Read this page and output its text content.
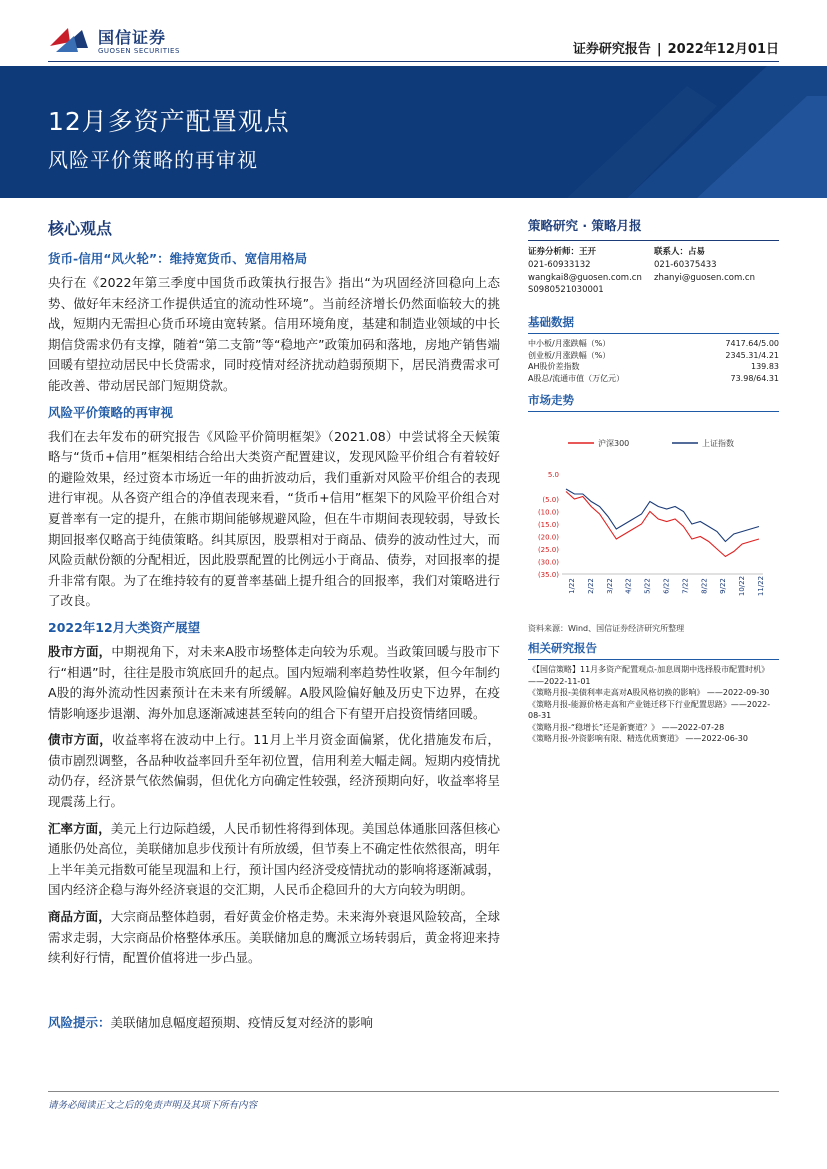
国信证券
GUOSEN SECURITIES	证券研究报告 | 2022年12月01日
12月多资产配置观点
风险平价策略的再审视
核心观点
货币-信用“风火轮”：维持宽货币、宽信用格局

央行在《2022年第三季度中国货币政策执行报告》指出“为巩固经济回稳向上态势、做好年末经济工作提供适宜的流动性环境”。当前经济增长仍然面临较大的挑战，短期内无需担心货币环境由宽转紧。信用环境角度，基建和制造业领域的中长期信贷需求仍有支撑，随着“第二支箭”等“稳地产”政策加码和落地，房地产销售端回暖有望拉动居民中长贷需求，同时疫情对经济扰动趋弱预期下，居民消费需求可能改善、带动居民部门短期贷款。

风险平价策略的再审视

我们在去年发布的研究报告《风险平价简明框架》（2021.08）中尝试将全天候策略与“货币+信用”框架相结合给出大类资产配置建议，发现风险平价组合有着较好的避险效果，经过资本市场近一年的曲折波动后，我们重新对风险平价组合的表现进行审视。从各资产组合的净值表现来看，“货币+信用”框架下的风险平价组合对夏普率有一定的提升，在熊市期间能够规避风险，但在牛市期间表现较弱，导致长期回报率仅略高于纯债策略。纠其原因，股票相对于商品、债券的波动性过大，而风险贡献份额的分配相近，因此股票配置的比例远小于商品、债券，对回报率的提升非常有限。为了在维持较有的夏普率基础上提升组合的回报率，我们对策略进行了改良。

2022年12月大类资产展望

股市方面，中期视角下，对未来A股市场整体走向较为乐观。当政策回暖与股市下行“相遇”时，往往是股市筑底回升的起点。国内短端利率趋势性收紧，但今年制约A股的海外流动性因素预计在未来有所缓解。A股风险偏好触及历史下边界，在疫情影响逐步退潮、海外加息逐渐减速甚至转向的组合下有望开启投资情绪回暖。

债市方面，收益率将在波动中上行。11月上半月资金面偏紧，优化措施发布后，债市剧烈调整，各品种收益率回升至年初位置，信用利差大幅走阔。短期内疫情扰动仍存，经济景气依然偏弱，但优化方向确定性较强，经济预期向好，收益率将呈现震荡上行。

汇率方面，美元上行边际趋缓，人民币韧性将得到体现。美国总体通胀回落但核心通胀仍处高位，美联储加息步伐预计有所放缓，但节奏上不确定性依然很高，明年上半年美元指数可能呈现温和上行，预计国内经济受疫情扰动的影响将逐渐减弱，国内经济企稳与海外经济衰退的交汇期，人民币企稳回升的大方向较为明朗。

商品方面，大宗商品整体趋弱，看好黄金价格走势。未来海外衰退风险较高，全球需求走弱，大宗商品价格整体承压。美联储加息的鹰派立场转弱后，黄金将迎来持续利好行情，配置价值将进一步凸显。

风险提示：美联储加息幅度超预期、疫情反复对经济的影响
策略研究 · 策略月报
证券分析师：王开
021-60933132
wangkai8@guosen.com.cn
S0980521030001
联系人：占易
021-60375433
zhanyi@guosen.com.cn
基础数据
中小板/月涨跌幅（%）	7417.64/5.00
创业板/月涨跌幅（%）	2345.31/4.21
AH股价差指数	139.83
A股总/流通市值（万亿元）	73.98/64.31
市场走势
沪深300	上证指数
5.0
(5.0)
(10.0)
(15.0)
(20.0)
(25.0)
(30.0)
(35.0)
1/22 2/22 3/22 4/22 5/22 6/22 7/22 8/22 9/22 10/22 11/22
资料来源：Wind、国信证券经济研究所整理
相关研究报告
《【国信策略】11月多资产配置观点-加息周期中选择股市配置时机》 ——2022-11-01
《策略月报-美债利率走高对A股风格切换的影响》 ——2022-09-30
《策略月报-能源价格走高和产业链迁移下行业配置思路》——2022-08-31
《策略月报-“稳增长”还是新赛道？》 ——2022-07-28
《策略月报-外资影响有限、精选优质赛道》 ——2022-06-30
请务必阅读正文之后的免责声明及其项下所有内容
